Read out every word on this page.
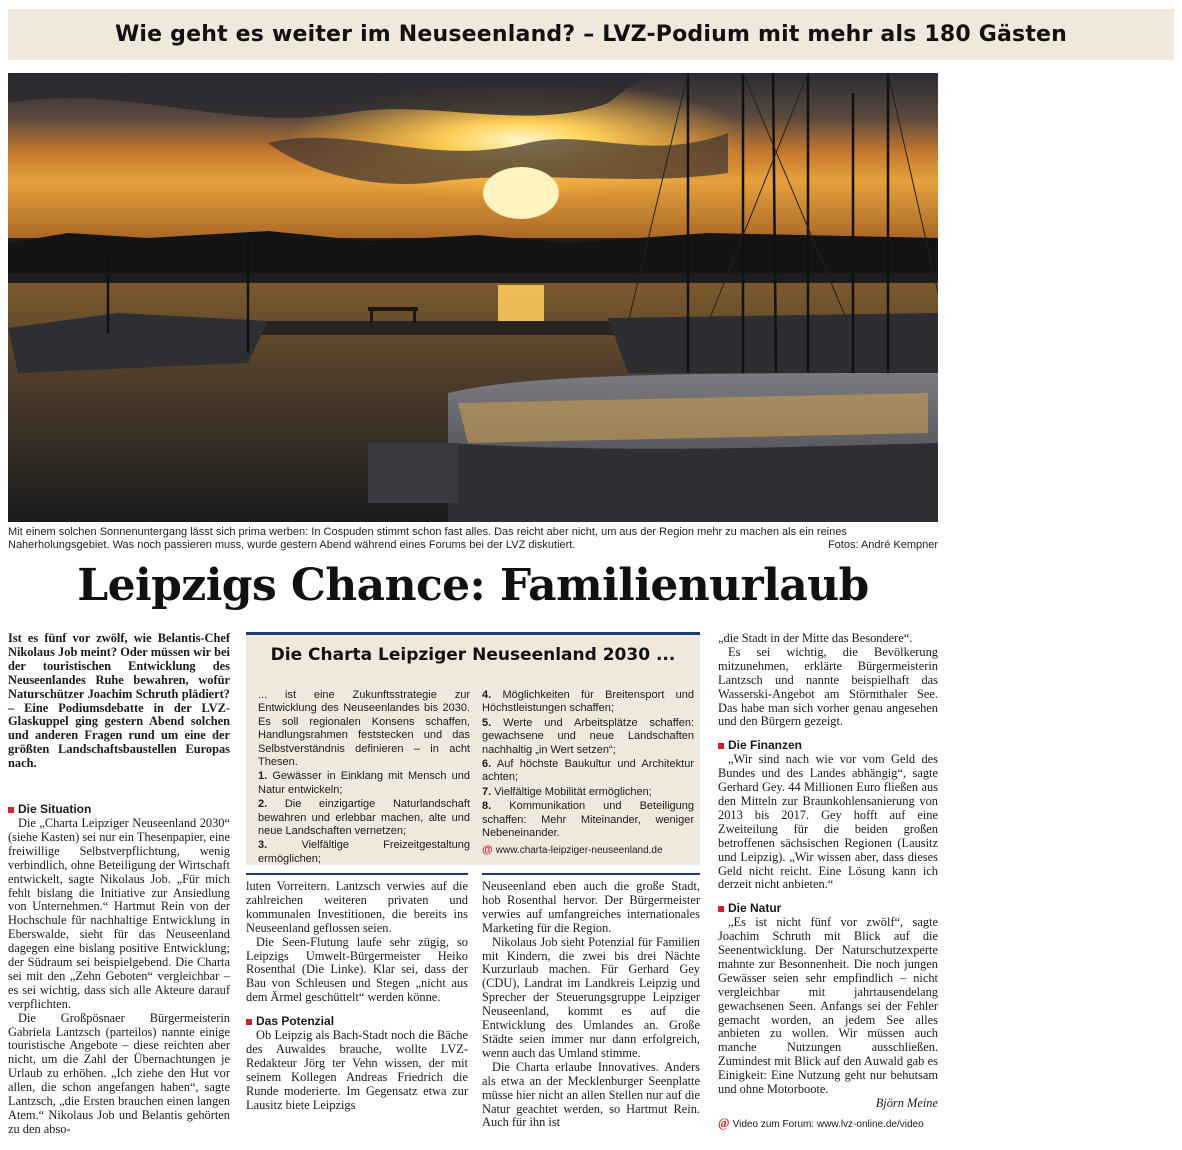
Wie geht es weiter im Neuseenland? – LVZ-Podium mit mehr als 180 Gästen
Mit einem solchen Sonnenuntergang lässt sich prima werben: In Cospuden stimmt schon fast alles. Das reicht aber nicht, um aus der Region mehr zu machen als ein reines Naherholungsgebiet. Was noch passieren muss, wurde gestern Abend während eines Forums bei der LVZ diskutiert.	Fotos: André Kempner
Leipzigs Chance: Familienurlaub

Ist es fünf vor zwölf, wie Belantis-Chef Nikolaus Job meint? Oder müssen wir bei der touristischen Entwicklung des Neuseenlandes Ruhe bewahren, wofür Naturschützer Joachim Schruth plädiert? – Eine Podiumsdebatte in der LVZ-Glaskuppel ging gestern Abend solchen und anderen Fragen rund um eine der größten Landschaftsbaustellen Europas nach.

Die Situation

Die „Charta Leipziger Neuseenland 2030“ (siehe Kasten) sei nur ein Thesenpapier, eine freiwillige Selbstverpflichtung, wenig verbindlich, ohne Beteiligung der Wirtschaft entwickelt, sagte Nikolaus Job. „Für mich fehlt bislang die Initiative zur Ansiedlung von Unternehmen.“ Hartmut Rein von der Hochschule für nachhaltige Entwicklung in Eberswalde, sieht für das Neuseenland dagegen eine bislang positive Entwicklung; der Südraum sei beispielgebend. Die Charta sei mit den „Zehn Geboten“ vergleichbar – es sei wichtig, dass sich alle Akteure darauf verpflichten.

Die Großpösnaer Bürgermeisterin Gabriela Lantzsch (parteilos) nannte einige touristische Angebote – diese reichten aber nicht, um die Zahl der Übernachtungen je Urlaub zu erhöhen. „Ich ziehe den Hut vor allen, die schon angefangen haben“, sagte Lantzsch, „die Ersten brauchen einen langen Atem.“ Nikolaus Job und Belantis gehörten zu den abso-

Die Charta Leipziger Neuseenland 2030 ...

... ist eine Zukunftsstrategie zur Entwicklung des Neuseenlandes bis 2030. Es soll regionalen Konsens schaffen, Handlungsrahmen feststecken und das Selbstverständnis definieren – in acht Thesen.

1. Gewässer in Einklang mit Mensch und Natur entwickeln;

2. Die einzigartige Naturlandschaft bewahren und erlebbar machen, alte und neue Landschaften vernetzen;

3.	Vielfältige Freizeitgestaltung ermöglichen;

4. Möglichkeiten für Breitensport und Höchstleistungen schaffen;

5. Werte und Arbeitsplätze schaffen: gewachsene und neue Landschaften nachhaltig „in Wert setzen“;

6. Auf höchste Baukultur und Architektur achten;

7. Vielfältige Mobilität ermöglichen;

8. Kommunikation und Beteiligung schaffen: Mehr Miteinander, weniger Nebeneinander.

@ www.charta-leipziger-neuseenland.de

luten Vorreitern. Lantzsch verwies auf die zahlreichen weiteren privaten und kommunalen Investitionen, die bereits ins Neuseenland geflossen seien.

Die Seen-Flutung laufe sehr zügig, so Leipzigs Umwelt-Bürgermeister Heiko Rosenthal (Die Linke). Klar sei, dass der Bau von Schleusen und Stegen „nicht aus dem Ärmel geschüttelt“ werden könne.

Das Potenzial

Ob Leipzig als Bach-Stadt noch die Bäche des Auwaldes brauche, wollte LVZ-Redakteur Jörg ter Vehn wissen, der mit seinem Kollegen Andreas Friedrich die Runde moderierte. Im Gegensatz etwa zur Lausitz biete Leipzigs

Neuseenland eben auch die große Stadt, hob Rosenthal hervor. Der Bürgermeister verwies auf umfangreiches internationales Marketing für die Region.

Nikolaus Job sieht Potenzial für Familien mit Kindern, die zwei bis drei Nächte Kurzurlaub machen. Für Gerhard Gey (CDU), Landrat im Landkreis Leipzig und Sprecher der Steuerungsgruppe Leipziger Neuseenland, kommt es auf die Entwicklung des Umlandes an. Große Städte seien immer nur dann erfolgreich, wenn auch das Umland stimme.

Die Charta erlaube Innovatives. Anders als etwa an der Mecklenburger Seenplatte müsse hier nicht an allen Stellen nur auf die Natur geachtet werden, so Hartmut Rein. Auch für ihn ist

„die Stadt in der Mitte das Besondere“.

Es sei wichtig, die Bevölkerung mitzunehmen, erklärte Bürgermeisterin Lantzsch und nannte beispielhaft das Wasserski-Angebot am Störmthaler See. Das habe man sich vorher genau angesehen und den Bürgern gezeigt.

Die Finanzen

„Wir sind nach wie vor vom Geld des Bundes und des Landes abhängig“, sagte Gerhard Gey. 44 Millionen Euro fließen aus den Mitteln zur Braunkohlensanierung von 2013 bis 2017. Gey hofft auf eine Zweiteilung für die beiden großen betroffenen sächsischen Regionen (Lausitz und Leipzig). „Wir wissen aber, dass dieses Geld nicht reicht. Eine Lösung kann ich derzeit nicht anbieten.“

Die Natur

„Es ist nicht fünf vor zwölf“, sagte Joachim Schruth mit Blick auf die Seenentwicklung. Der Naturschutzexperte mahnte zur Besonnenheit. Die noch jungen Gewässer seien sehr empfindlich – nicht vergleichbar mit jahrtausendelang gewachsenen Seen. Anfangs sei der Fehler gemacht worden, an jedem See alles anbieten zu wollen. Wir müssen auch manche Nutzungen ausschließen. Zumindest mit Blick auf den Auwald gab es Einigkeit: Eine Nutzung geht nur behutsam und ohne Motorboote.

Björn Meine

@ Video zum Forum: www.lvz-online.de/video
